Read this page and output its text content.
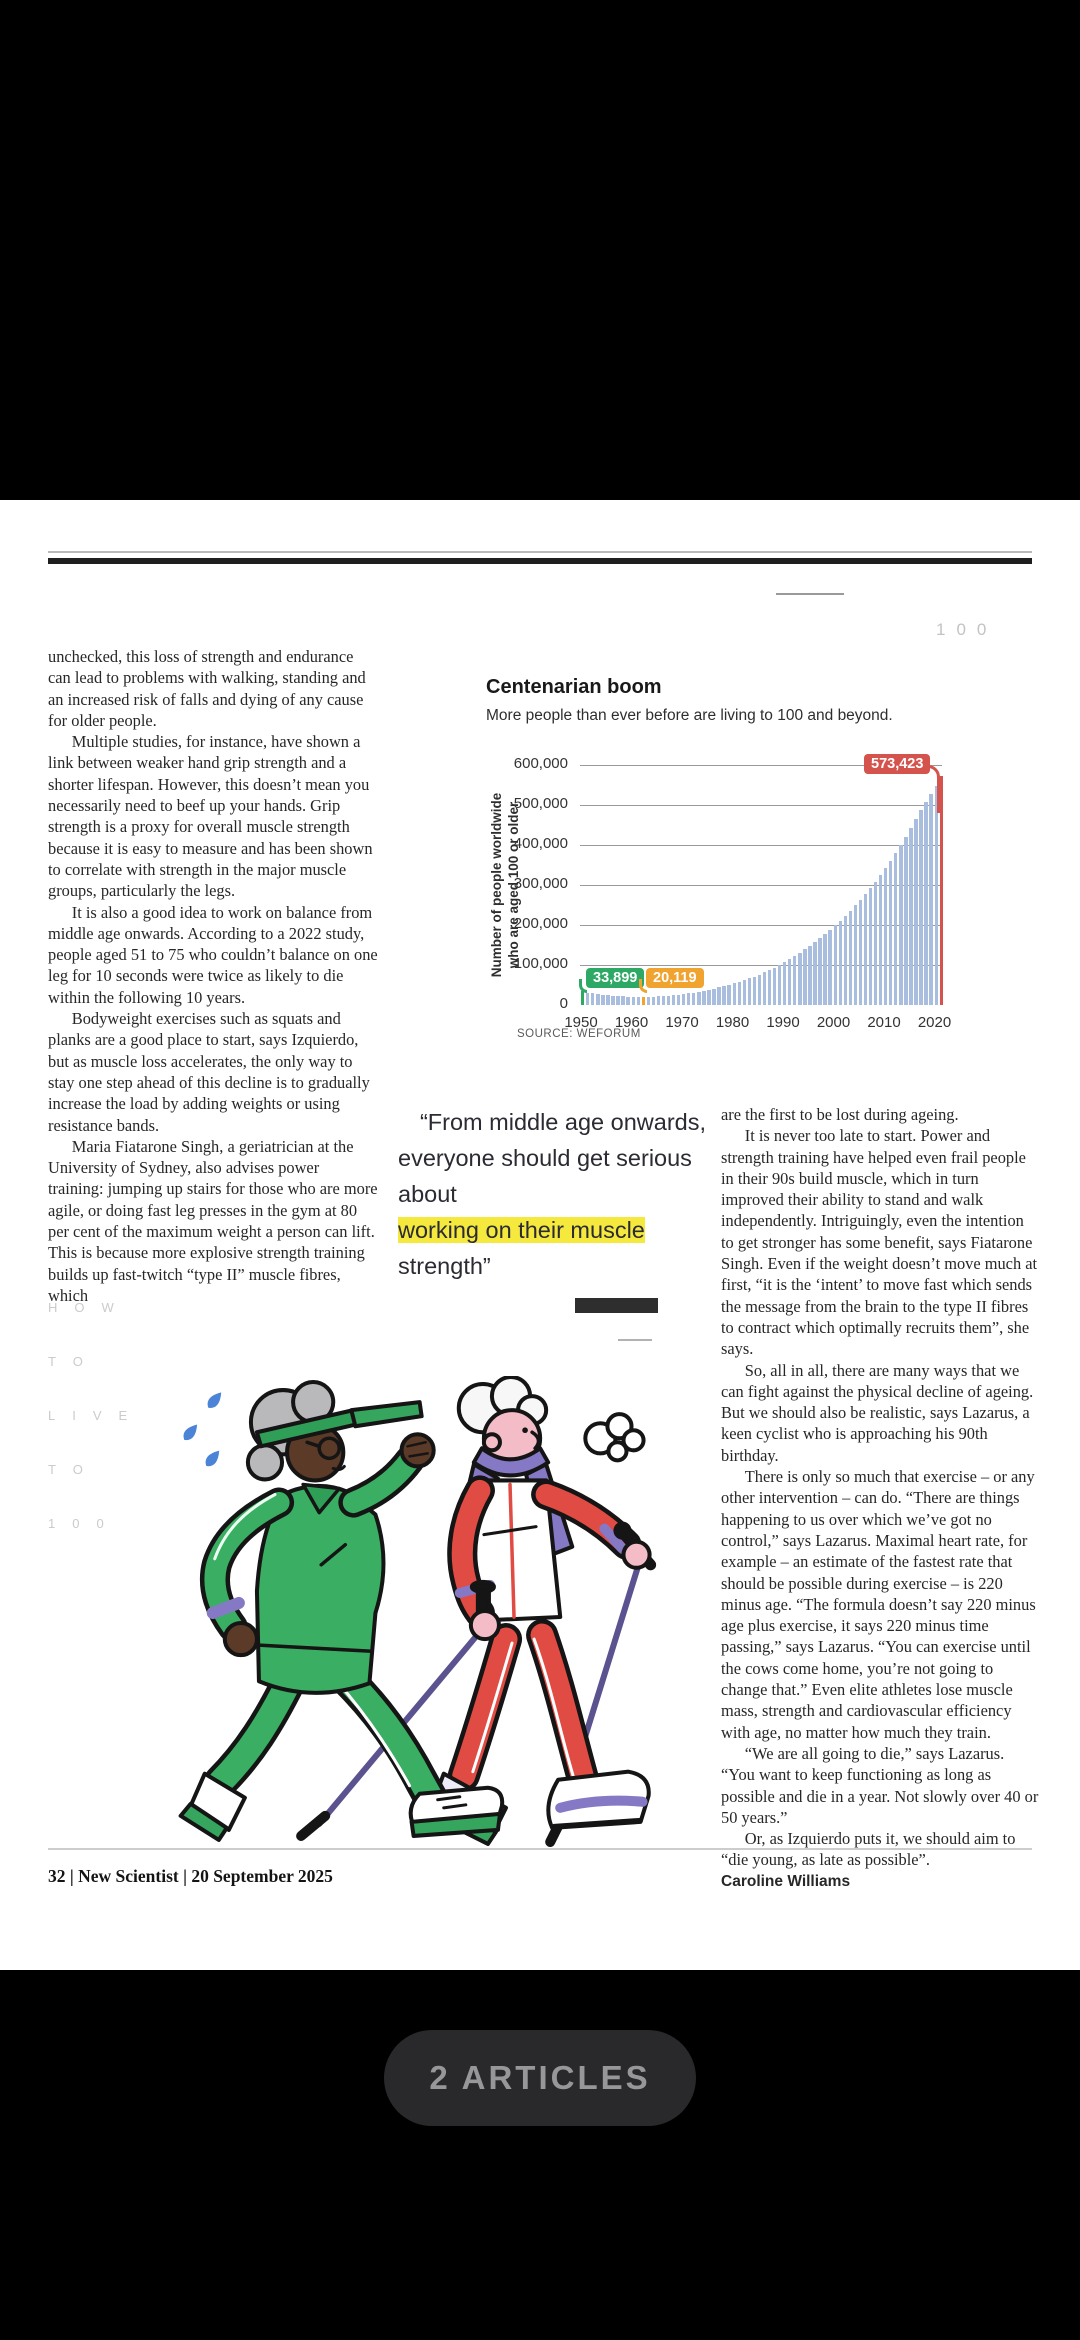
100
HOW
TO
LIVE
TO
100

unchecked, this loss of strength and endurance can lead to problems with walking, standing and an increased risk of falls and dying of any cause for older people.

Multiple studies, for instance, have shown a link between weaker hand grip strength and a shorter lifespan. However, this doesn’t mean you necessarily need to beef up your hands. Grip strength is a proxy for overall muscle strength because it is easy to measure and has been shown to correlate with strength in the major muscle groups, particularly the legs.

It is also a good idea to work on balance from middle age onwards. According to a 2022 study, people aged 51 to 75 who couldn’t balance on one leg for 10 seconds were twice as likely to die within the following 10 years.

Bodyweight exercises such as squats and planks are a good place to start, says Izquierdo, but as muscle loss accelerates, the only way to stay one step ahead of this decline is to gradually increase the load by adding weights or using resistance bands.

Maria Fiatarone Singh, a geriatrician at the University of Sydney, also advises power training: jumping up stairs for those who are more agile, or doing fast leg presses in the gym at 80 per cent of the maximum weight a person can lift. This is because more explosive strength training builds up fast-twitch “type II” muscle fibres, which

Centenarian boom
More people than ever before are living to 100 and beyond.
Number of people worldwide who are aged 100 or older
33,899	20,119
573,423
0
100,000
200,000
300,000
400,000
500,000
600,000
1950	1960	1970	1980	1990	2000	2010	2020
SOURCE: WEFORUM
“From middle age onwards,
everyone should get serious about
working on their muscle strength”

are the first to be lost during ageing.

It is never too late to start. Power and strength training have helped even frail people in their 90s build muscle, which in turn improved their ability to stand and walk independently. Intriguingly, even the intention to get stronger has some benefit, says Fiatarone Singh. Even if the weight doesn’t move much at first, “it is the ‘intent’ to move fast which sends the message from the brain to the type II fibres to contract which optimally recruits them”, she says.

So, all in all, there are many ways that we can fight against the physical decline of ageing. But we should also be realistic, says Lazarus, a keen cyclist who is approaching his 90th birthday.

There is only so much that exercise – or any other intervention – can do. “There are things happening to us over which we’ve got no control,” says Lazarus. Maximal heart rate, for example – an estimate of the fastest rate that should be possible during exercise – is 220 minus age. “The formula doesn’t say 220 minus age plus exercise, it says 220 minus time passing,” says Lazarus. “You can exercise until the cows come home, you’re not going to change that.” Even elite athletes lose muscle mass, strength and cardiovascular efficiency with age, no matter how much they train.

“We are all going to die,” says Lazarus. “You want to keep functioning as long as possible and die in a year. Not slowly over 40 or 50 years.”

Or, as Izquierdo puts it, we should aim to “die young, as late as possible”.

Caroline Williams

32 | New Scientist | 20 September 2025
2 ARTICLES
